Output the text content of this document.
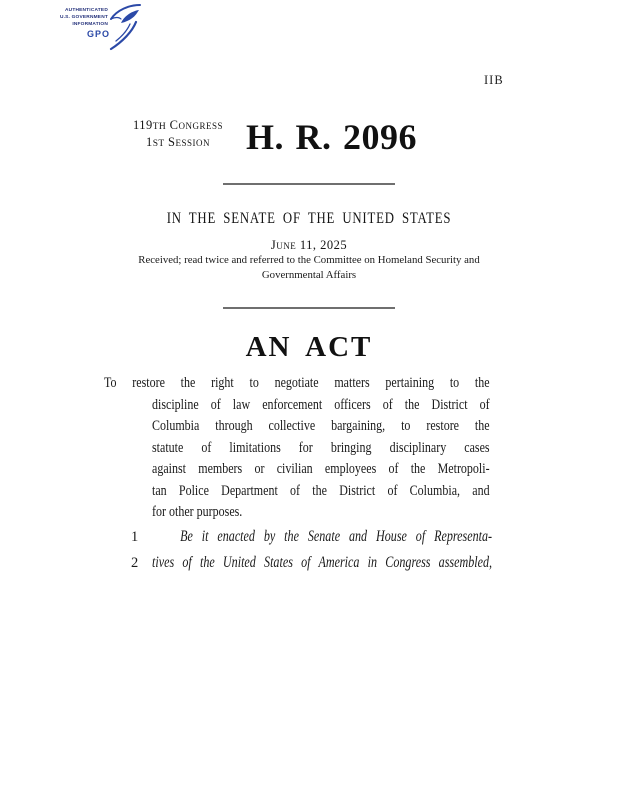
AUTHENTICATED
U.S. GOVERNMENT
INFORMATION
GPO
IIB
119TH Congress
1ST Session H. R. 2096
IN THE SENATE OF THE UNITED STATES
June 11, 2025
Received; read twice and referred to the Committee on Homeland Security and
Governmental Affairs
AN ACT
To restore the right to negotiate matters pertaining to the
discipline of law enforcement officers of the District of
Columbia through collective bargaining, to restore the
statute of limitations for bringing disciplinary cases
against members or civilian employees of the Metropoli-
tan Police Department of the District of Columbia, and
for other purposes.
1
2
Be it enacted by the Senate and House of Representa-
tives of the United States of America in Congress assembled,
